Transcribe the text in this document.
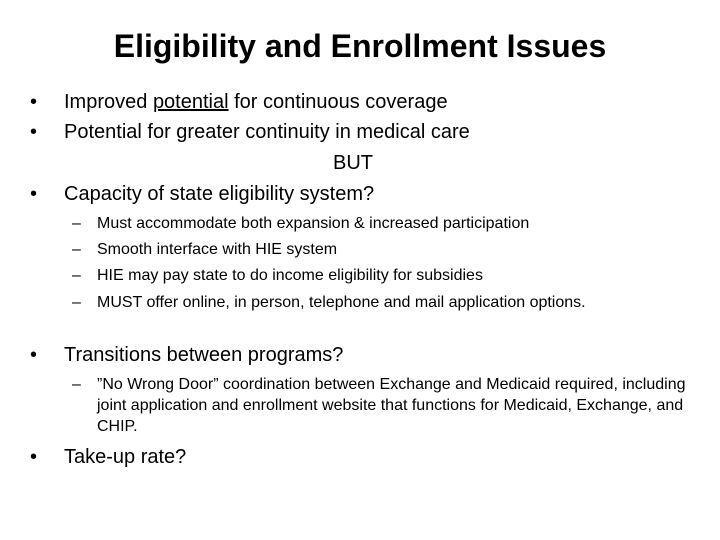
Eligibility and Enrollment Issues
• Improved potential for continuous coverage
• Potential for greater continuity in medical care
BUT
• Capacity of state eligibility system?
– Must accommodate both expansion & increased participation
– Smooth interface with HIE system
– HIE may pay state to do income eligibility for subsidies
– MUST offer online, in person, telephone and mail application options.
• Transitions between programs?
– ”No Wrong Door” coordination between Exchange and Medicaid required, including joint application and enrollment website that functions for Medicaid, Exchange, and CHIP.
• Take-up rate?
